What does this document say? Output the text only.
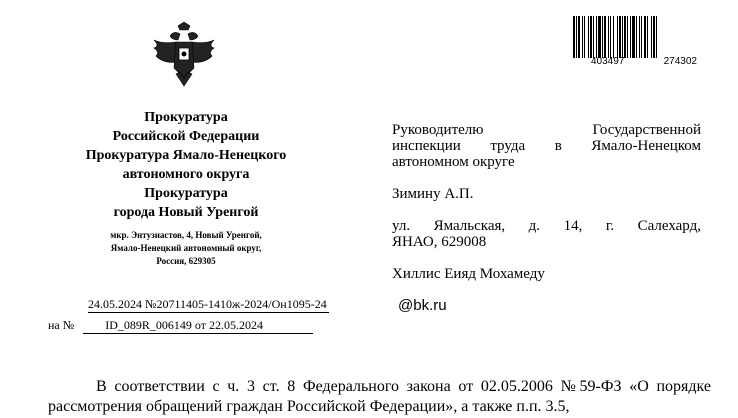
Прокуратура
Российской Федерации
Прокуратура Ямало-Ненецкого
автономного округа
Прокуратура
города Новый Уренгой
мкр. Энтузиастов, 4, Новый Уренгой,
Ямало-Ненецкий автономный округ,
Россия, 629305
403497	274302
Руководителю Государственной
инспекции труда в Ямало-Ненецком
автономном округе
Зимину А.П.
ул. Ямальская, д. 14, г. Салехард,
ЯНАО, 629008
Хиллис Еияд Мохамеду
24.05.2024 №20711405-1410ж-2024/Он1095-24	@bk.ru
на №	ID_089R_006149 от 22.05.2024
В соответствии с ч. 3 ст. 8 Федерального закона от 02.05.2006 №59-ФЗ «О порядке рассмотрения обращений граждан Российской Федерации», а также п.п. 3.5,
